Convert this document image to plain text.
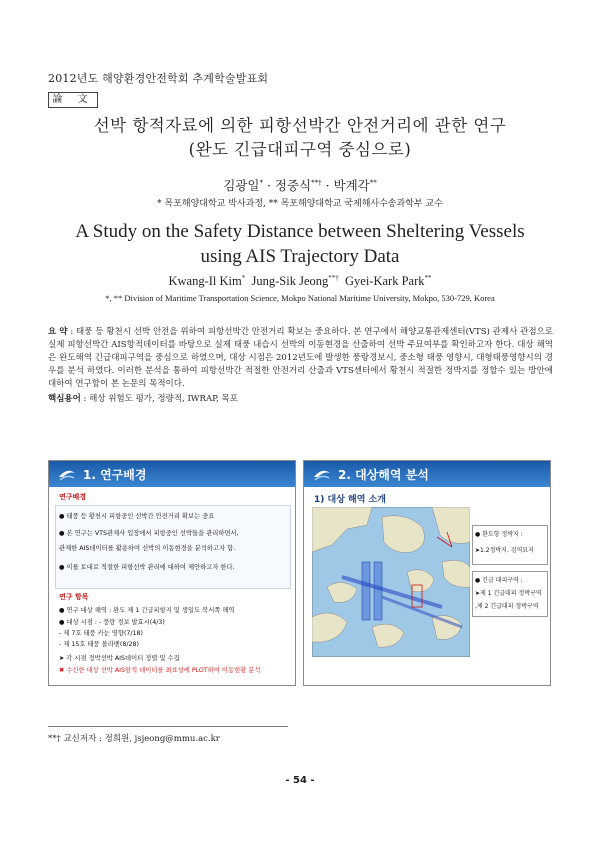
2012년도 해양환경안전학회 추계학술발표회
論 文
선박 항적자료에 의한 피항선박간 안전거리에 관한 연구
(완도 긴급대피구역 중심으로)
김광일* · 정중식**† · 박계각**
* 목포해양대학교 박사과정, ** 목포해양대학교 국제해사수송과학부 교수
A Study on the Safety Distance between Sheltering Vessels
using AIS Trajectory Data
Kwang-Il Kim* Jung-Sik Jeong**† Gyei-Kark Park**
*, ** Division of Maritime Transportation Science, Mokpo National Maritime University, Mokpo, 530-729, Korea
요 약 : 태풍 등 황천시 선박 안전을 위하여 피항선박간 안전거리 확보는 중요하다. 본 연구에서 해양교통관제센터(VTS) 관제사 관점으로 실제 피항선박간 AIS항적데이터를 바탕으로 실제 태풍 내습시 선박의 이동현경을 산출하여 선박 주묘여부를 확인하고자 한다. 대상 해역은 완도해역 긴급대피구역을 중심으로 하였으며, 대상 시점은 2012년도에 발생한 풍랑경보시, 중소형 태풍 영향시, 대형태풍영향시의 경우를 분석 하였다. 이러한 분석을 통하여 피항선박간 적절한 안전거리 산출과 VTS센터에서 황천시 적절한 정박지를 정할수 있는 방안에 대하여 연구함이 본 논문의 목적이다.
핵심용어 : 해상 위험도 평가, 정량적, IWRAP, 목포
1. 연구배경
연구배경
● 태풍 등 황천시 피항중인 선박간 안전거리 확보는 중요
● 본 연구는 VTS관제사 입장에서 피항중인 선박들을 관리하면서,
관제한 AIS데이터를 활용하여 선박의 이동현경을 분석하고자 함.
● 이를 토대로 적절한 피항선박 관리에 대하여 제안하고자 한다.
연구 항목
● 연구 대상 해역 : 완도 제 1 긴급피항지 및 생일도 북서쪽 해역
● 대상 시점 : - 풍랑 경보 발효시(4/3)
- 제 7호 태풍 카눈 영향(7/18)
- 제 15호 태풍 볼라벤(8/28)
➤ 각 시점 정박선박 AIS데이터 정렬 및 수집
✖ 수신한 대상 선박 AIS항적 데이터를 최표상에 PLOT하여 이동현황 분석
2. 대상해역 분석
1) 대상 해역 소개
● 완도항 정박지 :
➤1.2정박지. 검역묘지
● 긴급 대피구역 :
➤제 1 긴급대피 정박구역
,제 2 긴급대피 정박구역
**† 교신저자 : 정희원, jsjeong@mmu.ac.kr
- 54 -
